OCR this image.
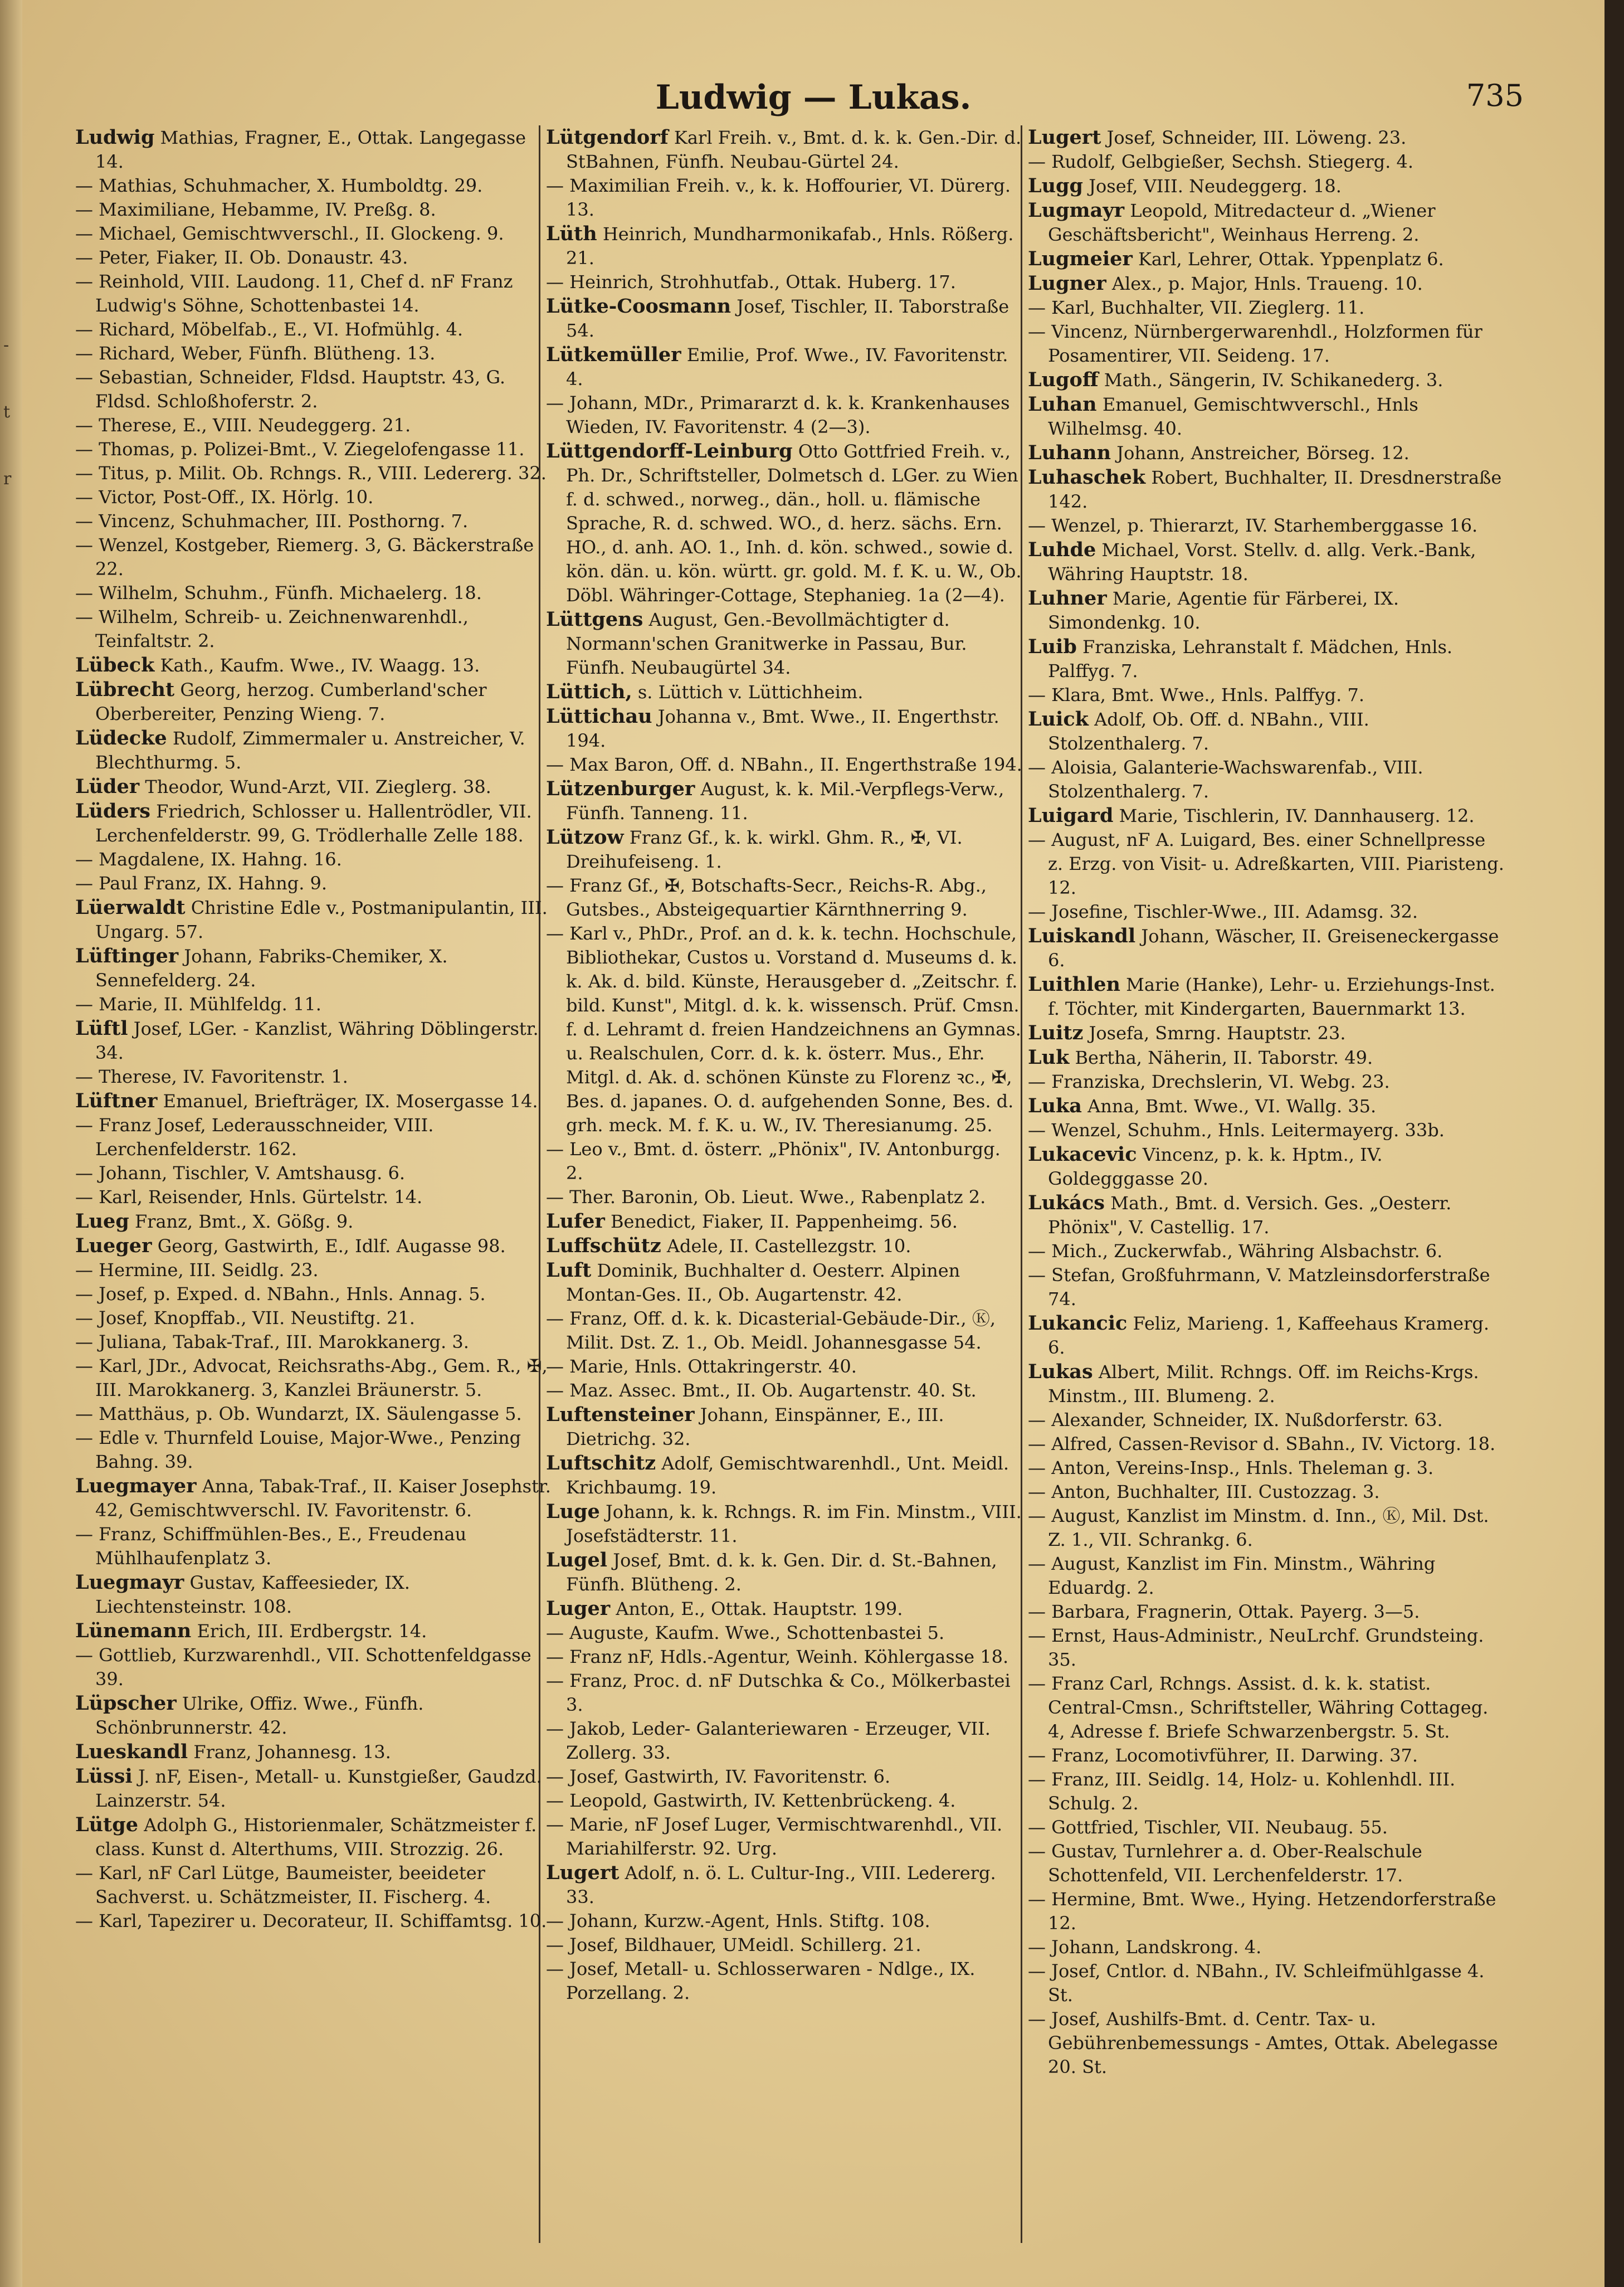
-
t
r
Ludwig — Lukas.	735

Ludwig Mathias, Fragner, E., Ottak. Langegasse 14.

— Mathias, Schuhmacher, X. Humboldtg. 29.

— Maximiliane, Hebamme, IV. Preßg. 8.

— Michael, Gemischtwverschl., II. Glockeng. 9.

— Peter, Fiaker, II. Ob. Donaustr. 43.

— Reinhold, VIII. Laudong. 11, Chef d. nF Franz Ludwig's Söhne, Schottenbastei 14.

— Richard, Möbelfab., E., VI. Hofmühlg. 4.

— Richard, Weber, Fünfh. Blütheng. 13.

— Sebastian, Schneider, Fldsd. Hauptstr. 43, G. Fldsd. Schloßhoferstr. 2.

— Therese, E., VIII. Neudeggerg. 21.

— Thomas, p. Polizei-Bmt., V. Ziegelofengasse 11.

— Titus, p. Milit. Ob. Rchngs. R., VIII. Ledererg. 32.

— Victor, Post-Off., IX. Hörlg. 10.

— Vincenz, Schuhmacher, III. Posthorng. 7.

— Wenzel, Kostgeber, Riemerg. 3, G. Bäckerstraße 22.

— Wilhelm, Schuhm., Fünfh. Michaelerg. 18.

— Wilhelm, Schreib- u. Zeichnenwarenhdl., Teinfaltstr. 2.

Lübeck Kath., Kaufm. Wwe., IV. Waagg. 13.

Lübrecht Georg, herzog. Cumberland'scher Oberbereiter, Penzing Wieng. 7.

Lüdecke Rudolf, Zimmermaler u. Anstreicher, V. Blechthurmg. 5.

Lüder Theodor, Wund-Arzt, VII. Zieglerg. 38.

Lüders Friedrich, Schlosser u. Hallentrödler, VII. Lerchenfelderstr. 99, G. Trödlerhalle Zelle 188.

— Magdalene, IX. Hahng. 16.

— Paul Franz, IX. Hahng. 9.

Lüerwaldt Christine Edle v., Postmanipulantin, III. Ungarg. 57.

Lüftinger Johann, Fabriks-Chemiker, X. Sennefelderg. 24.

— Marie, II. Mühlfeldg. 11.

Lüftl Josef, LGer. - Kanzlist, Währing Döblingerstr. 34.

— Therese, IV. Favoritenstr. 1.

Lüftner Emanuel, Briefträger, IX. Mosergasse 14.

— Franz Josef, Lederausschneider, VIII. Lerchenfelderstr. 162.

— Johann, Tischler, V. Amtshausg. 6.

— Karl, Reisender, Hnls. Gürtelstr. 14.

Lueg Franz, Bmt., X. Gößg. 9.

Lueger Georg, Gastwirth, E., Idlf. Augasse 98.

— Hermine, III. Seidlg. 23.

— Josef, p. Exped. d. NBahn., Hnls. Annag. 5.

— Josef, Knopffab., VII. Neustiftg. 21.

— Juliana, Tabak-Traf., III. Marokkanerg. 3.

— Karl, JDr., Advocat, Reichsraths-Abg., Gem. R., ✠, III. Marokkanerg. 3, Kanzlei Bräunerstr. 5.

— Matthäus, p. Ob. Wundarzt, IX. Säulengasse 5.

— Edle v. Thurnfeld Louise, Major-Wwe., Penzing Bahng. 39.

Luegmayer Anna, Tabak-Traf., II. Kaiser Josephstr. 42, Gemischtwverschl. IV. Favoritenstr. 6.

— Franz, Schiffmühlen-Bes., E., Freudenau Mühlhaufenplatz 3.

Luegmayr Gustav, Kaffeesieder, IX. Liechtensteinstr. 108.

Lünemann Erich, III. Erdbergstr. 14.

— Gottlieb, Kurzwarenhdl., VII. Schottenfeldgasse 39.

Lüpscher Ulrike, Offiz. Wwe., Fünfh. Schönbrunnerstr. 42.

Lueskandl Franz, Johannesg. 13.

Lüssi J. nF, Eisen-, Metall- u. Kunstgießer, Gaudzd. Lainzerstr. 54.

Lütge Adolph G., Historienmaler, Schätzmeister f. class. Kunst d. Alterthums, VIII. Strozzig. 26.

— Karl, nF Carl Lütge, Baumeister, beeideter Sachverst. u. Schätzmeister, II. Fischerg. 4.

— Karl, Tapezirer u. Decorateur, II. Schiffamtsg. 10.

Lütgendorf Karl Freih. v., Bmt. d. k. k. Gen.-Dir. d. StBahnen, Fünfh. Neubau-Gürtel 24.

— Maximilian Freih. v., k. k. Hoffourier, VI. Dürerg. 13.

Lüth Heinrich, Mundharmonikafab., Hnls. Rößerg. 21.

— Heinrich, Strohhutfab., Ottak. Huberg. 17.

Lütke-Coosmann Josef, Tischler, II. Taborstraße 54.

Lütkemüller Emilie, Prof. Wwe., IV. Favoritenstr. 4.

— Johann, MDr., Primararzt d. k. k. Krankenhauses Wieden, IV. Favoritenstr. 4 (2—3).

Lüttgendorff-Leinburg Otto Gottfried Freih. v., Ph. Dr., Schriftsteller, Dolmetsch d. LGer. zu Wien f. d. schwed., norweg., dän., holl. u. flämische Sprache, R. d. schwed. WO., d. herz. sächs. Ern. HO., d. anh. AO. 1., Inh. d. kön. schwed., sowie d. kön. dän. u. kön. württ. gr. gold. M. f. K. u. W., Ob. Döbl. Währinger-Cottage, Stephanieg. 1a (2—4).

Lüttgens August, Gen.-Bevollmächtigter d. Normann'schen Granitwerke in Passau, Bur. Fünfh. Neubaugürtel 34.

Lüttich, s. Lüttich v. Lüttichheim.

Lüttichau Johanna v., Bmt. Wwe., II. Engerthstr. 194.

— Max Baron, Off. d. NBahn., II. Engerthstraße 194.

Lützenburger August, k. k. Mil.-Verpflegs-Verw., Fünfh. Tanneng. 11.

Lützow Franz Gf., k. k. wirkl. Ghm. R., ✠, VI. Dreihufeiseng. 1.

— Franz Gf., ✠, Botschafts-Secr., Reichs-R. Abg., Gutsbes., Absteigequartier Kärnthnerring 9.

— Karl v., PhDr., Prof. an d. k. k. techn. Hochschule, Bibliothekar, Custos u. Vorstand d. Museums d. k. k. Ak. d. bild. Künste, Herausgeber d. „Zeitschr. f. bild. Kunst", Mitgl. d. k. k. wissensch. Prüf. Cmsn. f. d. Lehramt d. freien Handzeichnens an Gymnas. u. Realschulen, Corr. d. k. k. österr. Mus., Ehr. Mitgl. d. Ak. d. schönen Künste zu Florenz ꝛc., ✠, Bes. d. japanes. O. d. aufgehenden Sonne, Bes. d. grh. meck. M. f. K. u. W., IV. Theresianumg. 25.

— Leo v., Bmt. d. österr. „Phönix", IV. Antonburgg. 2.

— Ther. Baronin, Ob. Lieut. Wwe., Rabenplatz 2.

Lufer Benedict, Fiaker, II. Pappenheimg. 56.

Luffschütz Adele, II. Castellezgstr. 10.

Luft Dominik, Buchhalter d. Oesterr. Alpinen Montan-Ges. II., Ob. Augartenstr. 42.

— Franz, Off. d. k. k. Dicasterial-Gebäude-Dir., Ⓚ, Milit. Dst. Z. 1., Ob. Meidl. Johannesgasse 54.

— Marie, Hnls. Ottakringerstr. 40.

— Maz. Assec. Bmt., II. Ob. Augartenstr. 40. St.

Luftensteiner Johann, Einspänner, E., III. Dietrichg. 32.

Luftschitz Adolf, Gemischtwarenhdl., Unt. Meidl. Krichbaumg. 19.

Luge Johann, k. k. Rchngs. R. im Fin. Minstm., VIII. Josefstädterstr. 11.

Lugel Josef, Bmt. d. k. k. Gen. Dir. d. St.-Bahnen, Fünfh. Blütheng. 2.

Luger Anton, E., Ottak. Hauptstr. 199.

— Auguste, Kaufm. Wwe., Schottenbastei 5.

— Franz nF, Hdls.-Agentur, Weinh. Köhlergasse 18.

— Franz, Proc. d. nF Dutschka & Co., Mölkerbastei 3.

— Jakob, Leder- Galanteriewaren - Erzeuger, VII. Zollerg. 33.

— Josef, Gastwirth, IV. Favoritenstr. 6.

— Leopold, Gastwirth, IV. Kettenbrückeng. 4.

— Marie, nF Josef Luger, Vermischtwarenhdl., VII. Mariahilferstr. 92. Urg.

Lugert Adolf, n. ö. L. Cultur-Ing., VIII. Ledererg. 33.

— Johann, Kurzw.-Agent, Hnls. Stiftg. 108.

— Josef, Bildhauer, UMeidl. Schillerg. 21.

— Josef, Metall- u. Schlosserwaren - Ndlge., IX. Porzellang. 2.

Lugert Josef, Schneider, III. Löweng. 23.

— Rudolf, Gelbgießer, Sechsh. Stiegerg. 4.

Lugg Josef, VIII. Neudeggerg. 18.

Lugmayr Leopold, Mitredacteur d. „Wiener Geschäftsbericht", Weinhaus Herreng. 2.

Lugmeier Karl, Lehrer, Ottak. Yppenplatz 6.

Lugner Alex., p. Major, Hnls. Traueng. 10.

— Karl, Buchhalter, VII. Zieglerg. 11.

— Vincenz, Nürnbergerwarenhdl., Holzformen für Posamentirer, VII. Seideng. 17.

Lugoff Math., Sängerin, IV. Schikanederg. 3.

Luhan Emanuel, Gemischtwverschl., Hnls Wilhelmsg. 40.

Luhann Johann, Anstreicher, Börseg. 12.

Luhaschek Robert, Buchhalter, II. Dresdnerstraße 142.

— Wenzel, p. Thierarzt, IV. Starhemberggasse 16.

Luhde Michael, Vorst. Stellv. d. allg. Verk.-Bank, Währing Hauptstr. 18.

Luhner Marie, Agentie für Färberei, IX. Simondenkg. 10.

Luib Franziska, Lehranstalt f. Mädchen, Hnls. Palffyg. 7.

— Klara, Bmt. Wwe., Hnls. Palffyg. 7.

Luick Adolf, Ob. Off. d. NBahn., VIII. Stolzenthalerg. 7.

— Aloisia, Galanterie-Wachswarenfab., VIII. Stolzenthalerg. 7.

Luigard Marie, Tischlerin, IV. Dannhauserg. 12.

— August, nF A. Luigard, Bes. einer Schnellpresse z. Erzg. von Visit- u. Adreßkarten, VIII. Piaristeng. 12.

— Josefine, Tischler-Wwe., III. Adamsg. 32.

Luiskandl Johann, Wäscher, II. Greiseneckergasse 6.

Luithlen Marie (Hanke), Lehr- u. Erziehungs-Inst. f. Töchter, mit Kindergarten, Bauernmarkt 13.

Luitz Josefa, Smrng. Hauptstr. 23.

Luk Bertha, Näherin, II. Taborstr. 49.

— Franziska, Drechslerin, VI. Webg. 23.

Luka Anna, Bmt. Wwe., VI. Wallg. 35.

— Wenzel, Schuhm., Hnls. Leitermayerg. 33b.

Lukacevic Vincenz, p. k. k. Hptm., IV. Goldegggasse 20.

Lukács Math., Bmt. d. Versich. Ges. „Oesterr. Phönix", V. Castellig. 17.

— Mich., Zuckerwfab., Währing Alsbachstr. 6.

— Stefan, Großfuhrmann, V. Matzleinsdorferstraße 74.

Lukancic Feliz, Marieng. 1, Kaffeehaus Kramerg. 6.

Lukas Albert, Milit. Rchngs. Off. im Reichs-Krgs. Minstm., III. Blumeng. 2.

— Alexander, Schneider, IX. Nußdorferstr. 63.

— Alfred, Cassen-Revisor d. SBahn., IV. Victorg. 18.

— Anton, Vereins-Insp., Hnls. Theleman g. 3.

— Anton, Buchhalter, III. Custozzag. 3.

— August, Kanzlist im Minstm. d. Inn., Ⓚ, Mil. Dst. Z. 1., VII. Schrankg. 6.

— August, Kanzlist im Fin. Minstm., Währing Eduardg. 2.

— Barbara, Fragnerin, Ottak. Payerg. 3—5.

— Ernst, Haus-Administr., NeuLrchf. Grundsteing. 35.

— Franz Carl, Rchngs. Assist. d. k. k. statist. Central-Cmsn., Schriftsteller, Währing Cottageg. 4, Adresse f. Briefe Schwarzenbergstr. 5. St.

— Franz, Locomotivführer, II. Darwing. 37.

— Franz, III. Seidlg. 14, Holz- u. Kohlenhdl. III. Schulg. 2.

— Gottfried, Tischler, VII. Neubaug. 55.

— Gustav, Turnlehrer a. d. Ober-Realschule Schottenfeld, VII. Lerchenfelderstr. 17.

— Hermine, Bmt. Wwe., Hying. Hetzendorferstraße 12.

— Johann, Landskrong. 4.

— Josef, Cntlor. d. NBahn., IV. Schleifmühlgasse 4. St.

— Josef, Aushilfs-Bmt. d. Centr. Tax- u. Gebührenbemessungs - Amtes, Ottak. Abelegasse 20. St.
